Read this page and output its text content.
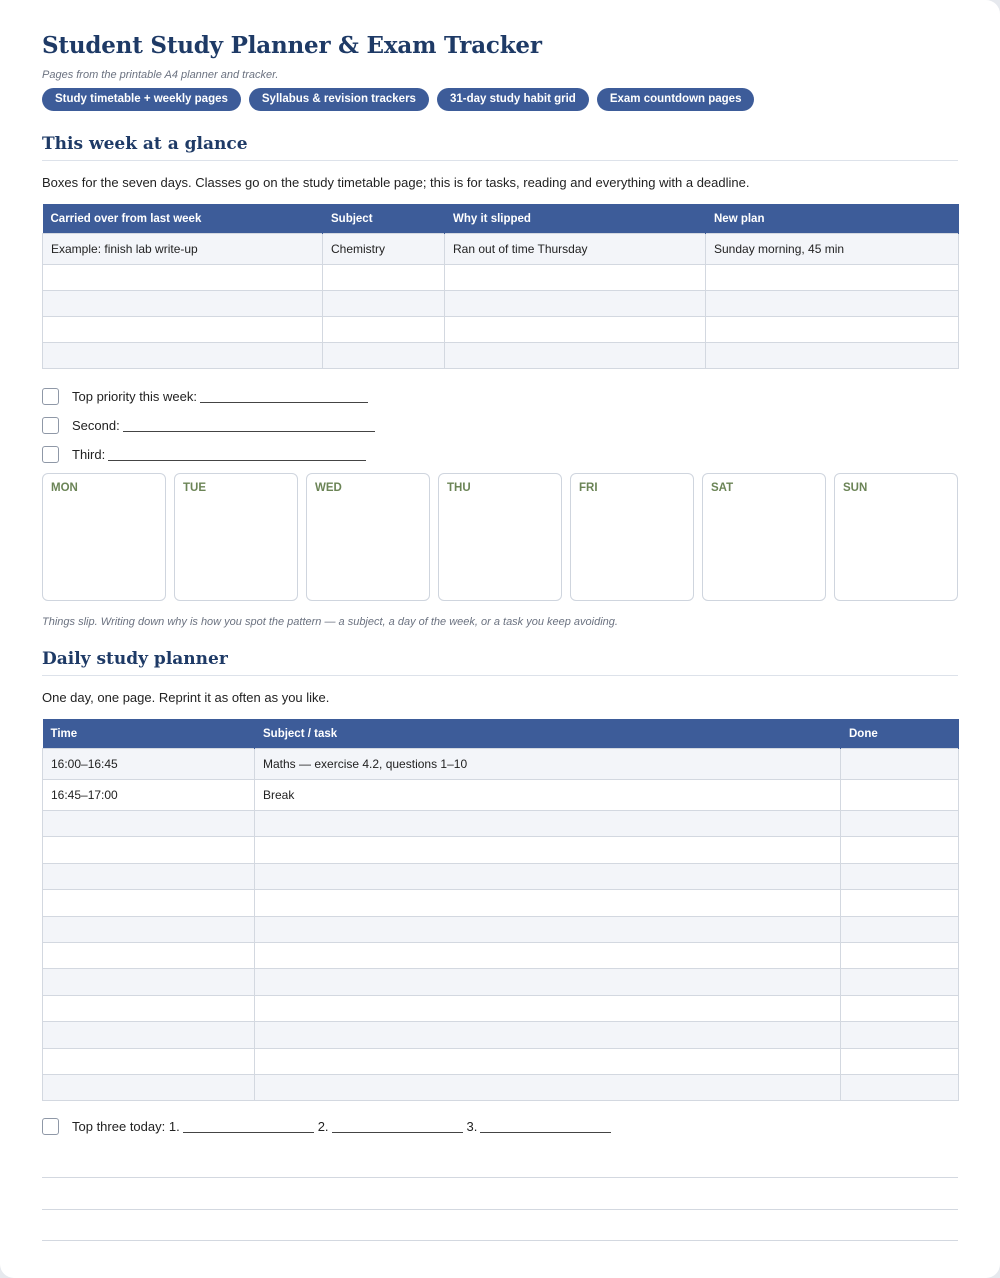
Student Study Planner & Exam Tracker
Pages from the printable A4 planner and tracker.
Study timetable + weekly pages	Syllabus & revision trackers	31-day study habit grid	Exam countdown pages
This week at a glance
Boxes for the seven days. Classes go on the study timetable page; this is for tasks, reading and everything with a deadline.
Carried over from last week	Subject	Why it slipped	New plan
Example: finish lab write-up	Chemistry	Ran out of time Thursday	Sunday morning, 45 min

Top priority this week:
Second:
Third:
MON	TUE	WED	THU	FRI	SAT	SUN
Things slip. Writing down why is how you spot the pattern — a subject, a day of the week, or a task you keep avoiding.
Daily study planner
One day, one page. Reprint it as often as you like.
Time	Subject / task	Done
16:00–16:45	Maths — exercise 4.2, questions 1–10	
16:45–17:00	Break	

Top three today: 1.	2.	3.
